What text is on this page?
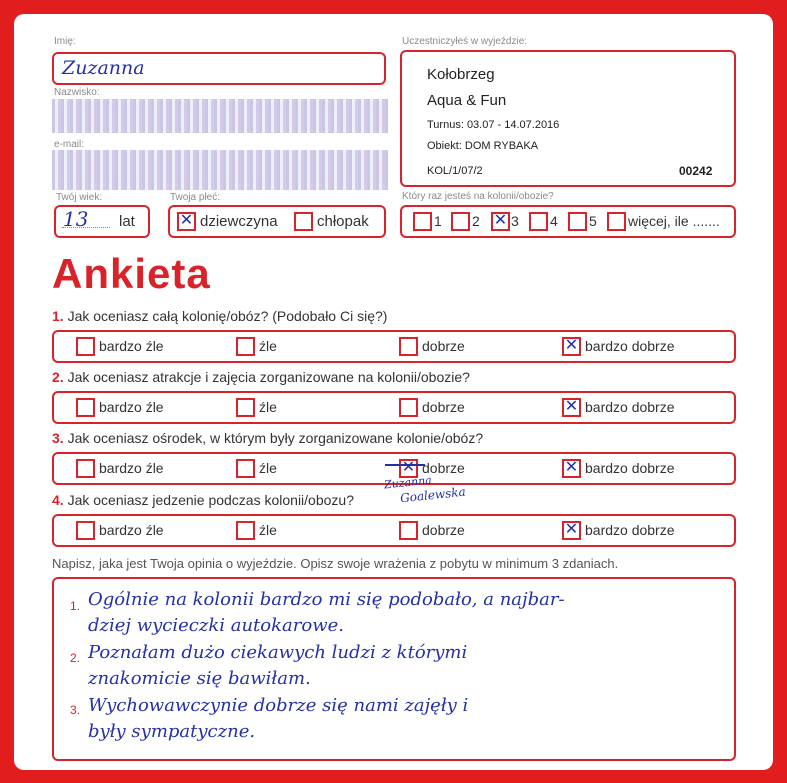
Imię:
Zuzanna
Nazwisko:
e-mail:
Twój wiek:
13 lat
Twoja płeć:
✕ dziewczyna	chłopak
Uczestniczyłeś w wyjeździe:
Kołobrzeg
Aqua & Fun
Turnus: 03.07 - 14.07.2016
Obiekt: DOM RYBAKA
KOL/1/07/2	00242
Który raz jesteś na kolonii/obozie?
1 2 ✕ 3 4 5 więcej, ile .......
Ankieta
1. Jak oceniasz całą kolonię/obóz? (Podobało Ci się?)
bardzo źle	źle	dobrze	✕ bardzo dobrze
2. Jak oceniasz atrakcje i zajęcia zorganizowane na kolonii/obozie?
bardzo źle	źle	dobrze	✕ bardzo dobrze
3. Jak oceniasz ośrodek, w którym były zorganizowane kolonie/obóz?
bardzo źle	źle	✕ dobrze	✕ bardzo dobrze
4. Jak oceniasz jedzenie podczas kolonii/obozu?
Zuzanna
Goalewska
bardzo źle	źle	dobrze	✕ bardzo dobrze
Napisz, jaka jest Twoja opinia o wyjeździe. Opisz swoje wrażenia z pobytu w minimum 3 zdaniach.
1.
2.
3.
Ogólnie na kolonii bardzo mi się podobało, a najbar-
dziej wycieczki autokarowe.
Poznałam dużo ciekawych ludzi z którymi
znakomicie się bawiłam.
Wychowawczynie dobrze się nami zajęły i
były sympatyczne.
